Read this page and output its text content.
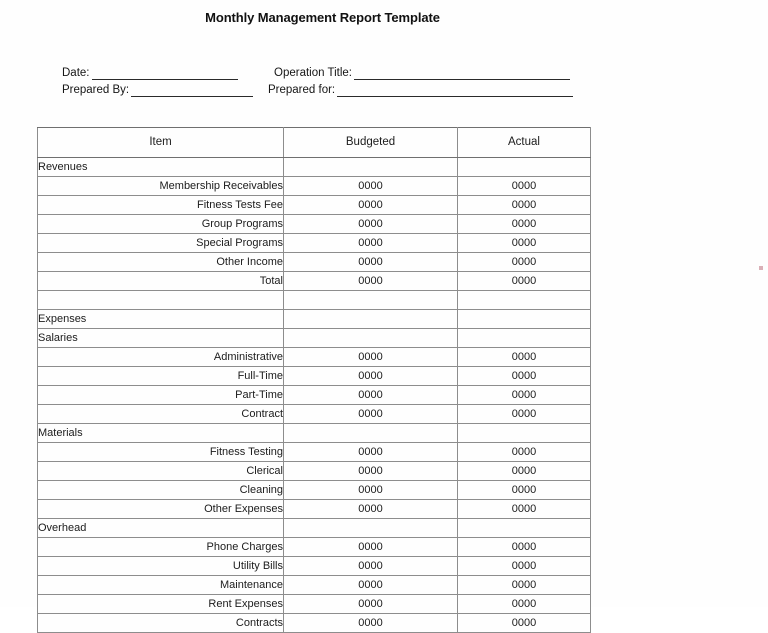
Monthly Management Report Template
Date:	Operation Title:
Prepared By:	Prepared for:
Item	Budgeted	Actual
Revenues		
Membership Receivables	0000	0000
Fitness Tests Fee	0000	0000
Group Programs	0000	0000
Special Programs	0000	0000
Other Income	0000	0000
Total	0000	0000

Expenses		
Salaries		
Administrative	0000	0000
Full-Time	0000	0000
Part-Time	0000	0000
Contract	0000	0000
Materials		
Fitness Testing	0000	0000
Clerical	0000	0000
Cleaning	0000	0000
Other Expenses	0000	0000
Overhead		
Phone Charges	0000	0000
Utility Bills	0000	0000
Maintenance	0000	0000
Rent Expenses	0000	0000
Contracts	0000	0000
